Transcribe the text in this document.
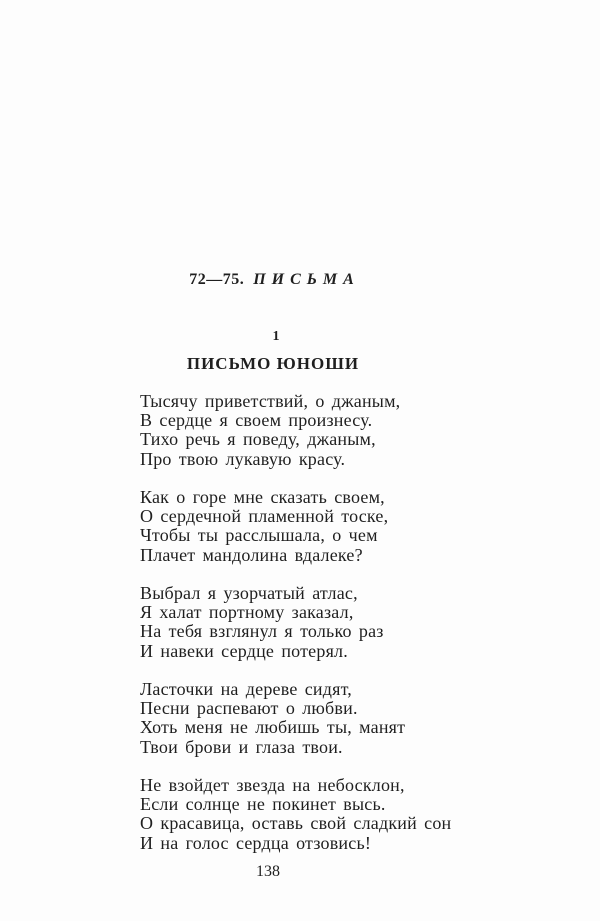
72—75. П И С Ь М А
1
ПИСЬМО ЮНОШИ
Тысячу приветствий, о джаным,
В сердце я своем произнесу.
Тихо речь я поведу, джаным,
Про твою лукавую красу.
Как о горе мне сказать своем,
О сердечной пламенной тоске,
Чтобы ты расслышала, о чем
Плачет мандолина вдалеке?
Выбрал я узорчатый атлас,
Я халат портному заказал,
На тебя взглянул я только раз
И навеки сердце потерял.
Ласточки на дереве сидят,
Песни распевают о любви.
Хоть меня не любишь ты, манят
Твои брови и глаза твои.
Не взойдет звезда на небосклон,
Если солнце не покинет высь.
О красавица, оставь свой сладкий сон
И на голос сердца отзовись!
138
